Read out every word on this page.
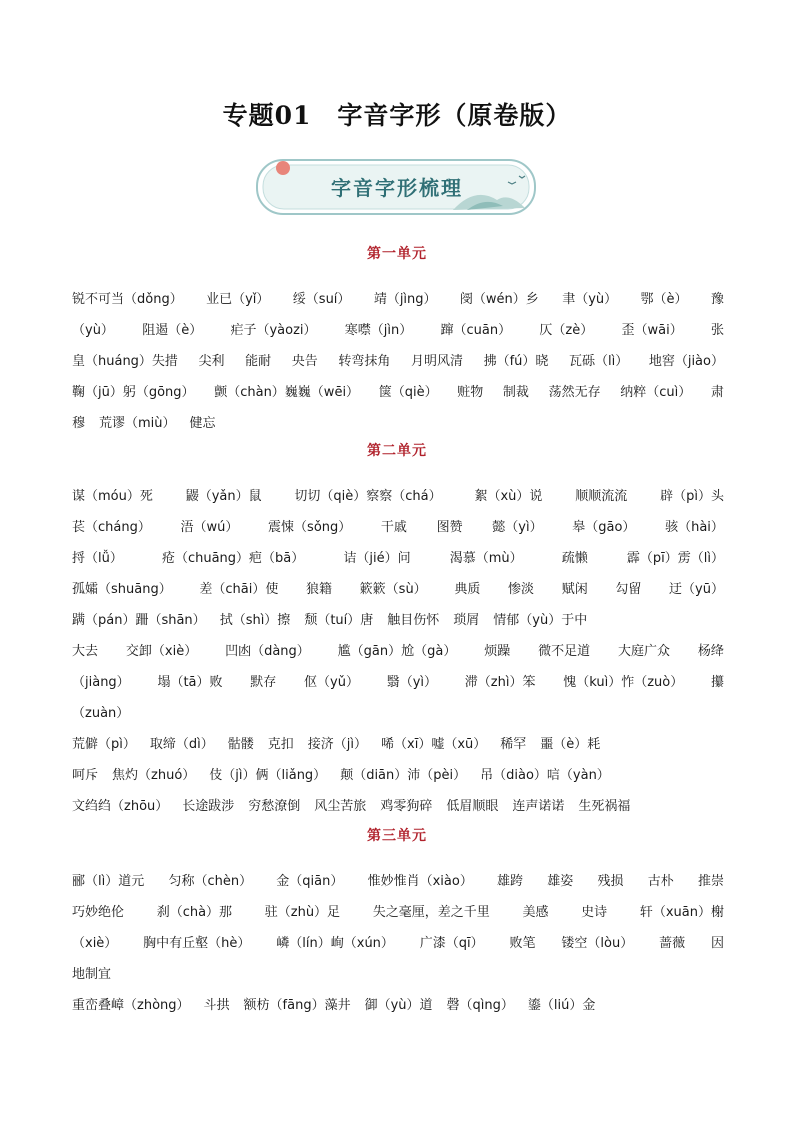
专题01　字音字形（原卷版）
字音字形梳理
第一单元
锐不可当（dǒng） 业已（yǐ） 绥（suí） 靖（jìng） 阌（wén）乡 聿（yù） 鄂（è） 豫
（yù） 阻遏（è） 疟子（yàozi） 寒噤（jìn） 蹿（cuān） 仄（zè） 歪（wāi） 张
皇（huáng）失措 尖利 能耐 央告 转弯抹角 月明风清 拂（fú）晓 瓦砾（lì） 地窖（jiào）
鞠（jū）躬（gōng） 颤（chàn）巍巍（wēi） 箧（qiè） 赃物 制裁 荡然无存 纳粹（cuì） 肃
穆 荒谬（miù） 健忘
第二单元
谋（móu）死	鼹（yǎn）鼠	切切（qiè）察察（chá）	絮（xù）说	顺顺流流	辟（pì）头
苌（cháng） 浯（wú） 震悚（sǒng） 干戚 图赞 懿（yì） 皋（gāo） 骇（hài）
捋（lǚ）	疮（chuāng）疤（bā）	诘（jié）问	渴慕（mù）	疏懒	霹（pī）雳（lì）
孤孀（shuāng） 差（chāi）使 狼籍 簌簌（sù） 典质 惨淡 赋闲 勾留 迂（yū）
蹒（pán）跚（shān） 拭（shì）擦 颓（tuí）唐 触目伤怀 琐屑 情郁（yù）于中
大去 交卸（xiè） 凹凼（dàng） 尴（gān）尬（gà） 烦躁 微不足道 大庭广众 杨绛
（jiàng） 塌（tā）败 默存 伛（yǔ） 翳（yì） 滞（zhì）笨 愧（kuì）怍（zuò） 攥
（zuàn）
荒僻（pì） 取缔（dì） 骷髅 克扣 接济（jì） 唏（xī）嘘（xū） 稀罕 噩（è）耗
呵斥 焦灼（zhuó） 伎（jì）俩（liǎng） 颠（diān）沛（pèi） 吊（diào）唁（yàn）
文绉绉（zhōu） 长途跋涉 穷愁潦倒 风尘苦旅 鸡零狗碎 低眉顺眼 连声诺诺 生死祸福
第三单元
郦（lì）道元 匀称（chèn） 金（qiān） 惟妙惟肖（xiào） 雄跨 雄姿 残损 古朴 推崇
巧妙绝伦	刹（chà）那	驻（zhù）足	失之毫厘，差之千里	美感	史诗	轩（xuān）榭
（xiè） 胸中有丘壑（hè） 嶙（lín）峋（xún） 广漆（qī） 败笔 镂空（lòu） 蔷薇 因
地制宜
重峦叠嶂（zhòng） 斗拱 额枋（fāng）藻井 御（yù）道 磬（qìng） 鎏（liú）金
